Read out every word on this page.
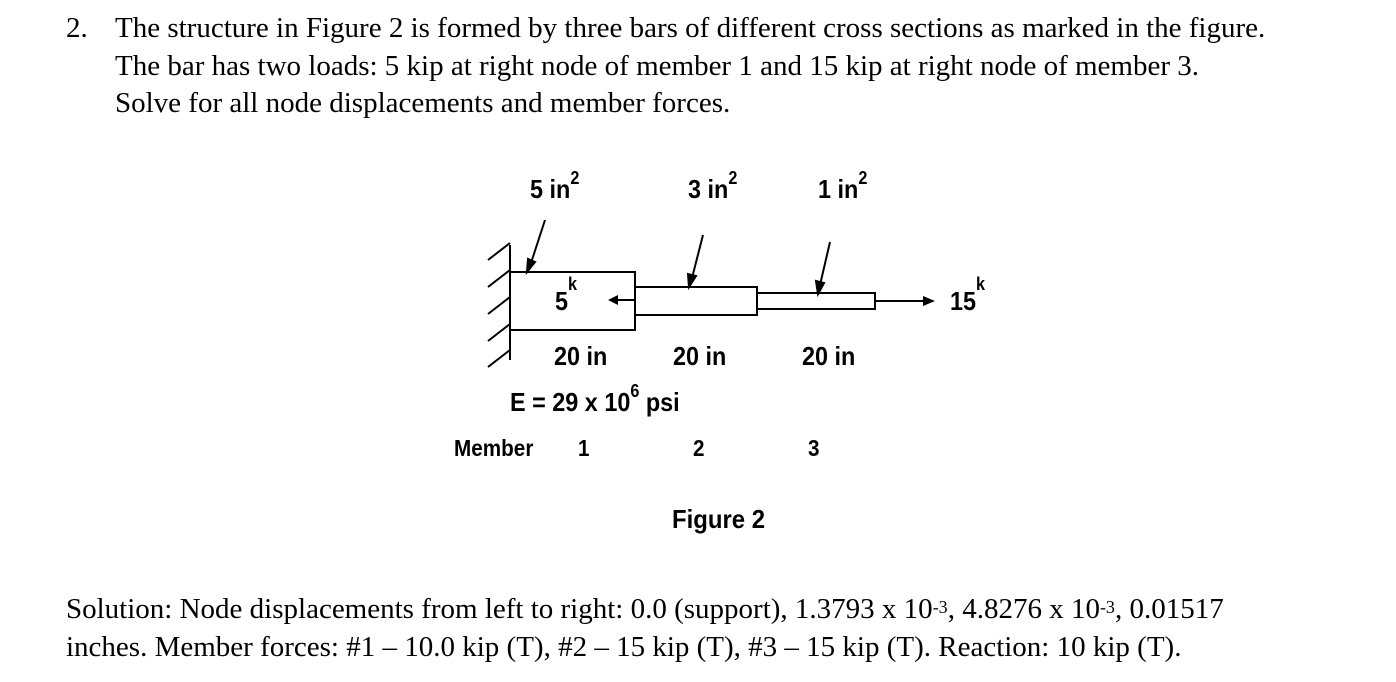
2. The structure in Figure 2 is formed by three bars of different cross sections as marked in the figure.
The bar has two loads: 5 kip at right node of member 1 and 15 kip at right node of member 3.
Solve for all node displacements and member forces.
5 $in^2$	3 $in^2$	1 $in^2$
5$^k$
15$^k$
20 in	20 in	20 in
E = 29 x $10^6$ psi
Member 1	2	3
Figure 2
Solution: Node displacements from left to right: 0.0 (support), 1.3793 x $10^{-3}$, 4.8276 x $10^{-3}$, 0.01517
inches. Member forces: #1 – 10.0 kip (T), #2 – 15 kip (T), #3 – 15 kip (T). Reaction: 10 kip (T).
